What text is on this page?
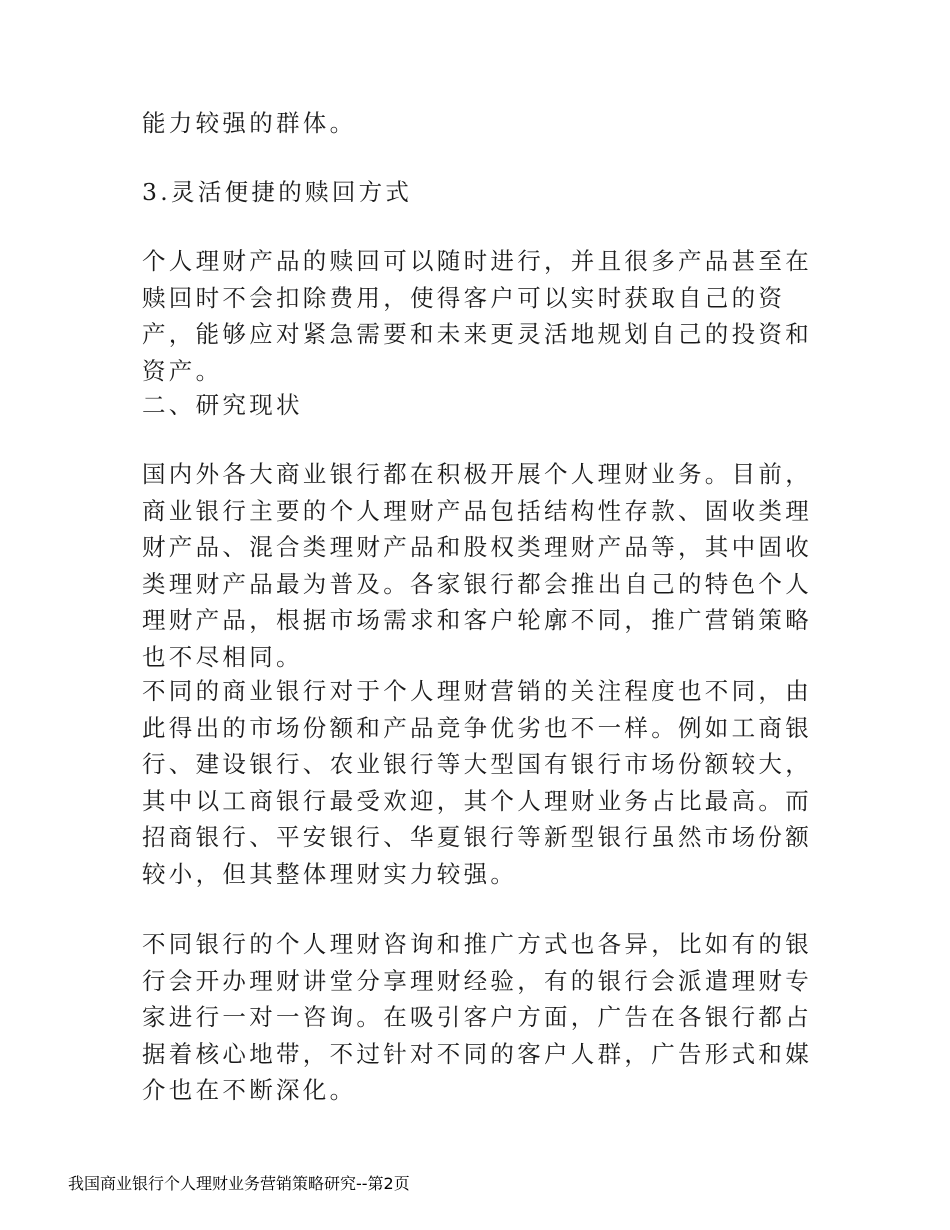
能力较强的群体。

3.灵活便捷的赎回方式

个人理财产品的赎回可以随时进行，并且很多产品甚至在赎回时不会扣除费用，使得客户可以实时获取自己的资产，能够应对紧急需要和未来更灵活地规划自己的投资和资产。

二、研究现状

国内外各大商业银行都在积极开展个人理财业务。目前，商业银行主要的个人理财产品包括结构性存款、固收类理财产品、混合类理财产品和股权类理财产品等，其中固收类理财产品最为普及。各家银行都会推出自己的特色个人理财产品，根据市场需求和客户轮廓不同，推广营销策略也不尽相同。

不同的商业银行对于个人理财营销的关注程度也不同，由此得出的市场份额和产品竞争优劣也不一样。例如工商银行、建设银行、农业银行等大型国有银行市场份额较大，其中以工商银行最受欢迎，其个人理财业务占比最高。而招商银行、平安银行、华夏银行等新型银行虽然市场份额较小，但其整体理财实力较强。

不同银行的个人理财咨询和推广方式也各异，比如有的银行会开办理财讲堂分享理财经验，有的银行会派遣理财专家进行一对一咨询。在吸引客户方面，广告在各银行都占据着核心地带，不过针对不同的客户人群，广告形式和媒介也在不断深化。

我国商业银行个人理财业务营销策略研究--第2页
